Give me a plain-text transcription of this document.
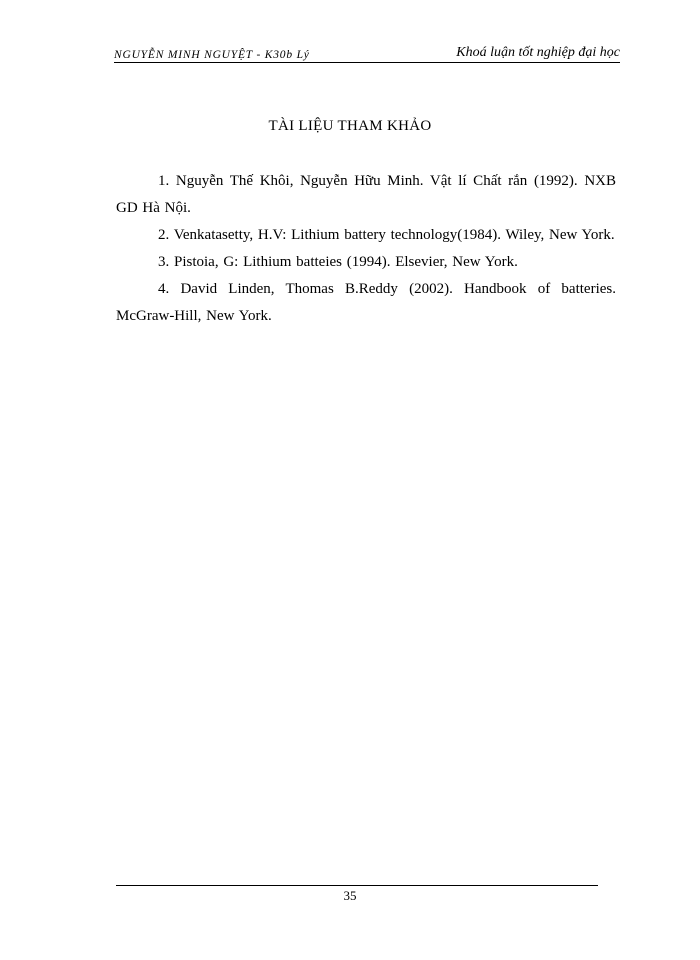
NGUYỄN MINH NGUYỆT - K30b Lý	Khoá luận tốt nghiệp đại học
TÀI LIỆU THAM KHẢO

1. Nguyễn Thế Khôi, Nguyễn Hữu Minh. Vật lí Chất rắn (1992). NXB GD Hà Nội.

2. Venkatasetty, H.V: Lithium battery technology(1984). Wiley, New York.

3. Pistoia, G: Lithium batteies (1994). Elsevier, New York.

4. David Linden, Thomas B.Reddy (2002). Handbook of batteries. McGraw-Hill, New York.

35
